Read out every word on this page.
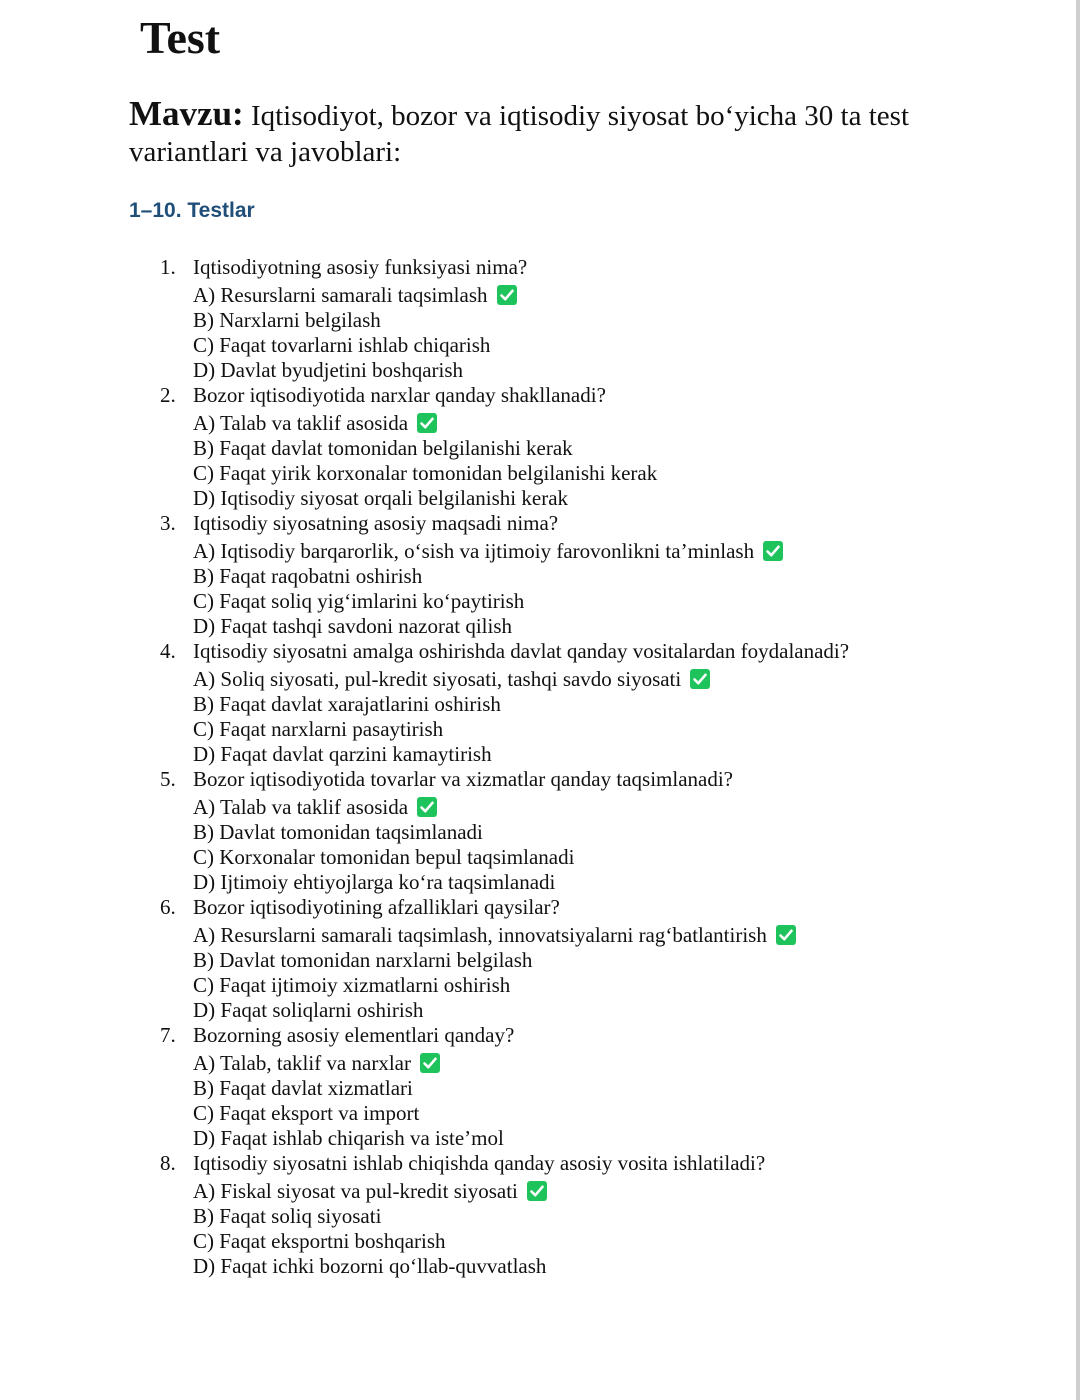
Test

Mavzu: Iqtisodiyot, bozor va iqtisodiy siyosat bo‘yicha 30 ta test variantlari va javoblari:

1–10. Testlar
1. Iqtisodiyotning asosiy funksiyasi nima?
A) Resurslarni samarali taqsimlash
B) Narxlarni belgilash
C) Faqat tovarlarni ishlab chiqarish
D) Davlat byudjetini boshqarish
2. Bozor iqtisodiyotida narxlar qanday shakllanadi?
A) Talab va taklif asosida
B) Faqat davlat tomonidan belgilanishi kerak
C) Faqat yirik korxonalar tomonidan belgilanishi kerak
D) Iqtisodiy siyosat orqali belgilanishi kerak
3. Iqtisodiy siyosatning asosiy maqsadi nima?
A) Iqtisodiy barqarorlik, o‘sish va ijtimoiy farovonlikni ta’minlash
B) Faqat raqobatni oshirish
C) Faqat soliq yig‘imlarini ko‘paytirish
D) Faqat tashqi savdoni nazorat qilish
4. Iqtisodiy siyosatni amalga oshirishda davlat qanday vositalardan foydalanadi?
A) Soliq siyosati, pul-kredit siyosati, tashqi savdo siyosati
B) Faqat davlat xarajatlarini oshirish
C) Faqat narxlarni pasaytirish
D) Faqat davlat qarzini kamaytirish
5. Bozor iqtisodiyotida tovarlar va xizmatlar qanday taqsimlanadi?
A) Talab va taklif asosida
B) Davlat tomonidan taqsimlanadi
C) Korxonalar tomonidan bepul taqsimlanadi
D) Ijtimoiy ehtiyojlarga ko‘ra taqsimlanadi
6. Bozor iqtisodiyotining afzalliklari qaysilar?
A) Resurslarni samarali taqsimlash, innovatsiyalarni rag‘batlantirish
B) Davlat tomonidan narxlarni belgilash
C) Faqat ijtimoiy xizmatlarni oshirish
D) Faqat soliqlarni oshirish
7. Bozorning asosiy elementlari qanday?
A) Talab, taklif va narxlar
B) Faqat davlat xizmatlari
C) Faqat eksport va import
D) Faqat ishlab chiqarish va iste’mol
8. Iqtisodiy siyosatni ishlab chiqishda qanday asosiy vosita ishlatiladi?
A) Fiskal siyosat va pul-kredit siyosati
B) Faqat soliq siyosati
C) Faqat eksportni boshqarish
D) Faqat ichki bozorni qo‘llab-quvvatlash
